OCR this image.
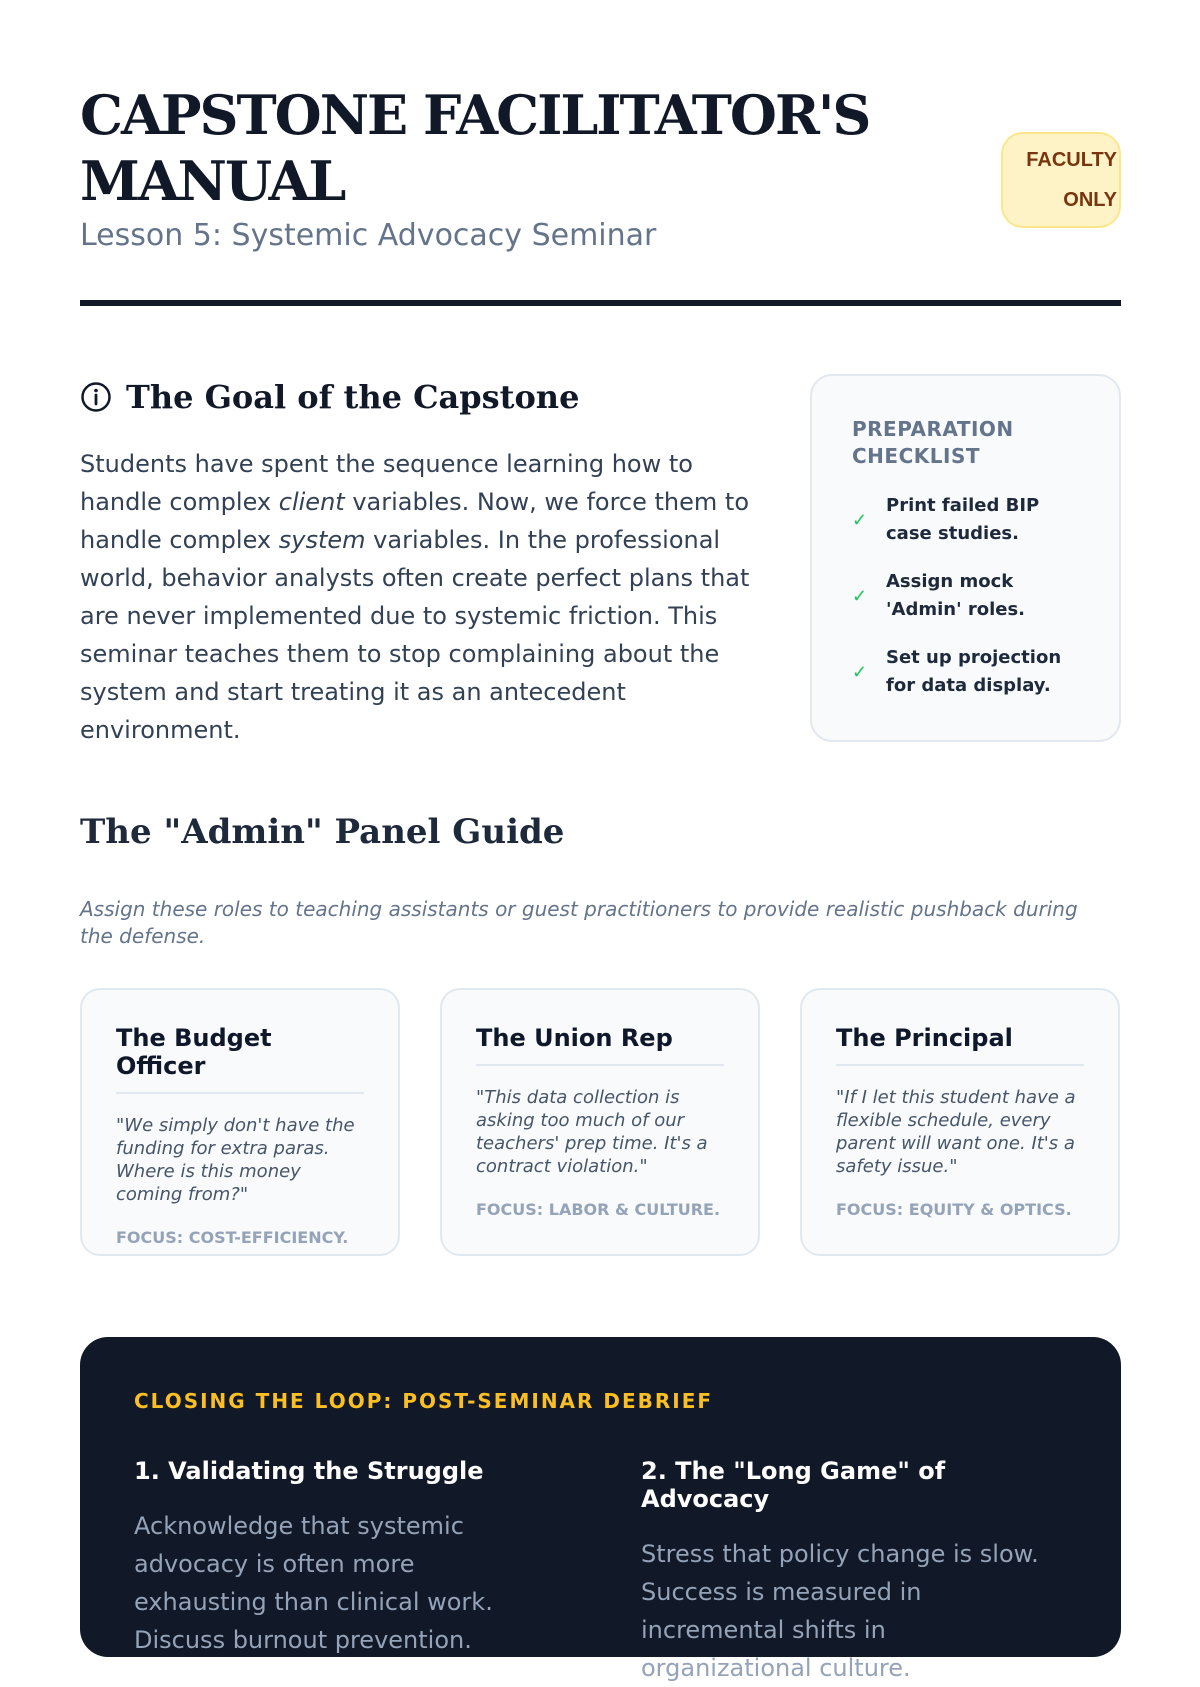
CAPSTONE FACILITATOR'S MANUAL
Lesson 5: Systemic Advocacy Seminar
FACULTY ONLY
The Goal of the Capstone

Students have spent the sequence learning how to handle complex client variables. Now, we force them to handle complex system variables. In the professional world, behavior analysts often create perfect plans that are never implemented due to systemic friction. This seminar teaches them to stop complaining about the system and start treating it as an antecedent environment.

PREPARATION CHECKLIST
✓
Print failed BIP case studies.
✓
Assign mock 'Admin' roles.
✓
Set up projection for data display.
The "Admin" Panel Guide

Assign these roles to teaching assistants or guest practitioners to provide realistic pushback during the defense.

The Budget Officer
"We simply don't have the funding for extra paras. Where is this money coming from?"
FOCUS: COST-EFFICIENCY.
The Union Rep
"This data collection is asking too much of our teachers' prep time. It's a contract violation."
FOCUS: LABOR & CULTURE.
The Principal
"If I let this student have a flexible schedule, every parent will want one. It's a safety issue."
FOCUS: EQUITY & OPTICS.
CLOSING THE LOOP: POST-SEMINAR DEBRIEF
1. Validating the Struggle

Acknowledge that systemic advocacy is often more exhausting than clinical work. Discuss burnout prevention.

2. The "Long Game" of Advocacy

Stress that policy change is slow. Success is measured in incremental shifts in organizational culture.
